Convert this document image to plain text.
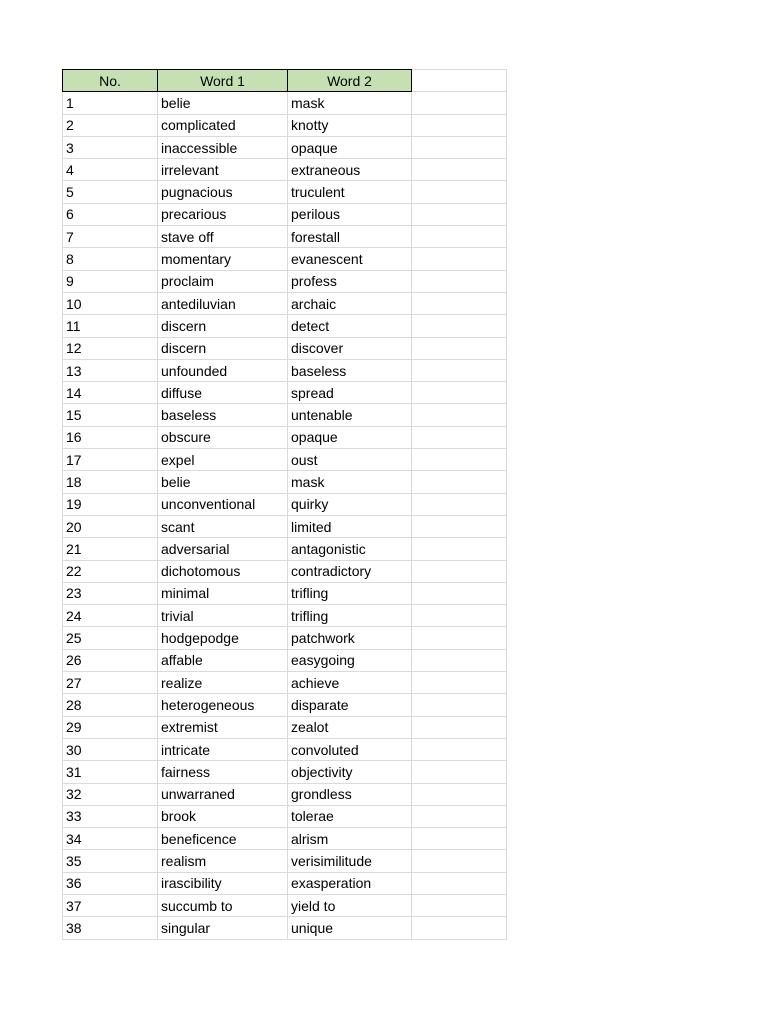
No.	Word 1	Word 2	
1	belie	mask	
2	complicated	knotty	
3	inaccessible	opaque	
4	irrelevant	extraneous	
5	pugnacious	truculent	
6	precarious	perilous	
7	stave off	forestall	
8	momentary	evanescent	
9	proclaim	profess	
10	antediluvian	archaic	
11	discern	detect	
12	discern	discover	
13	unfounded	baseless	
14	diffuse	spread	
15	baseless	untenable	
16	obscure	opaque	
17	expel	oust	
18	belie	mask	
19	unconventional	quirky	
20	scant	limited	
21	adversarial	antagonistic	
22	dichotomous	contradictory	
23	minimal	trifling	
24	trivial	trifling	
25	hodgepodge	patchwork	
26	affable	easygoing	
27	realize	achieve	
28	heterogeneous	disparate	
29	extremist	zealot	
30	intricate	convoluted	
31	fairness	objectivity	
32	unwarraned	grondless	
33	brook	tolerae	
34	beneficence	alrism	
35	realism	verisimilitude	
36	irascibility	exasperation	
37	succumb to	yield to	
38	singular	unique	
